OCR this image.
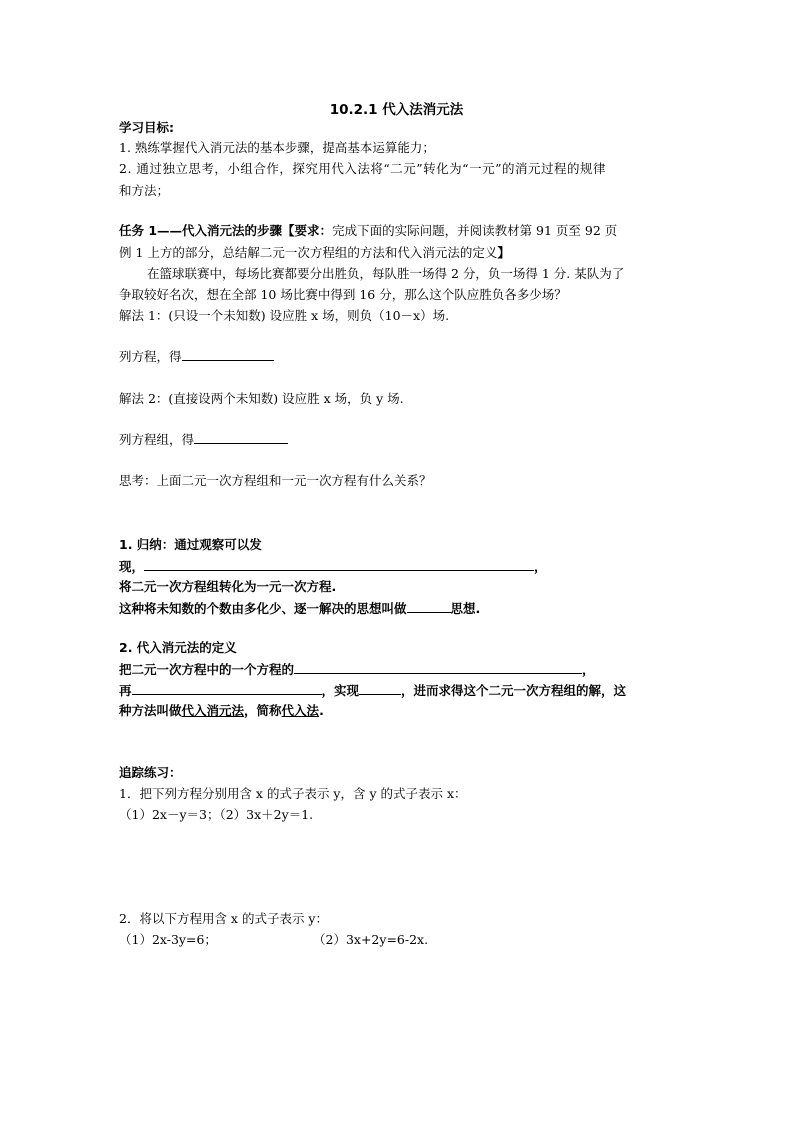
10.2.1 代入法消元法
学习目标:
1. 熟练掌握代入消元法的基本步骤，提高基本运算能力；
2. 通过独立思考，小组合作，探究用代入法将“二元”转化为“一元”的消元过程的规律
和方法；
任务 1——代入消元法的步骤【要求：完成下面的实际问题，并阅读教材第 91 页至 92 页
例 1 上方的部分，总结解二元一次方程组的方法和代入消元法的定义】
在篮球联赛中，每场比赛都要分出胜负，每队胜一场得 2 分，负一场得 1 分. 某队为了
争取较好名次，想在全部 10 场比赛中得到 16 分，那么这个队应胜负各多少场？
解法 1：(只设一个未知数) 设应胜 x 场，则负（10－x）场.
列方程，得
解法 2：(直接设两个未知数) 设应胜 x 场，负 y 场.
列方程组，得
思考：上面二元一次方程组和一元一次方程有什么关系？
1. 归纳：通过观察可以发
现，	，
将二元一次方程组转化为一元一次方程.
这种将未知数的个数由多化少、逐一解决的思想叫做	思想.
2. 代入消元法的定义
把二元一次方程中的一个方程的	，
再	，实现	，进而求得这个二元一次方程组的解，这
种方法叫做代入消元法，简称代入法.
追踪练习：
1．把下列方程分别用含 x 的式子表示 y，含 y 的式子表示 x：
（1）2x－y＝3；（2）3x＋2y＝1.
2．将以下方程用含 x 的式子表示 y：
（1）2x-3y=6；	（2）3x+2y=6-2x.
